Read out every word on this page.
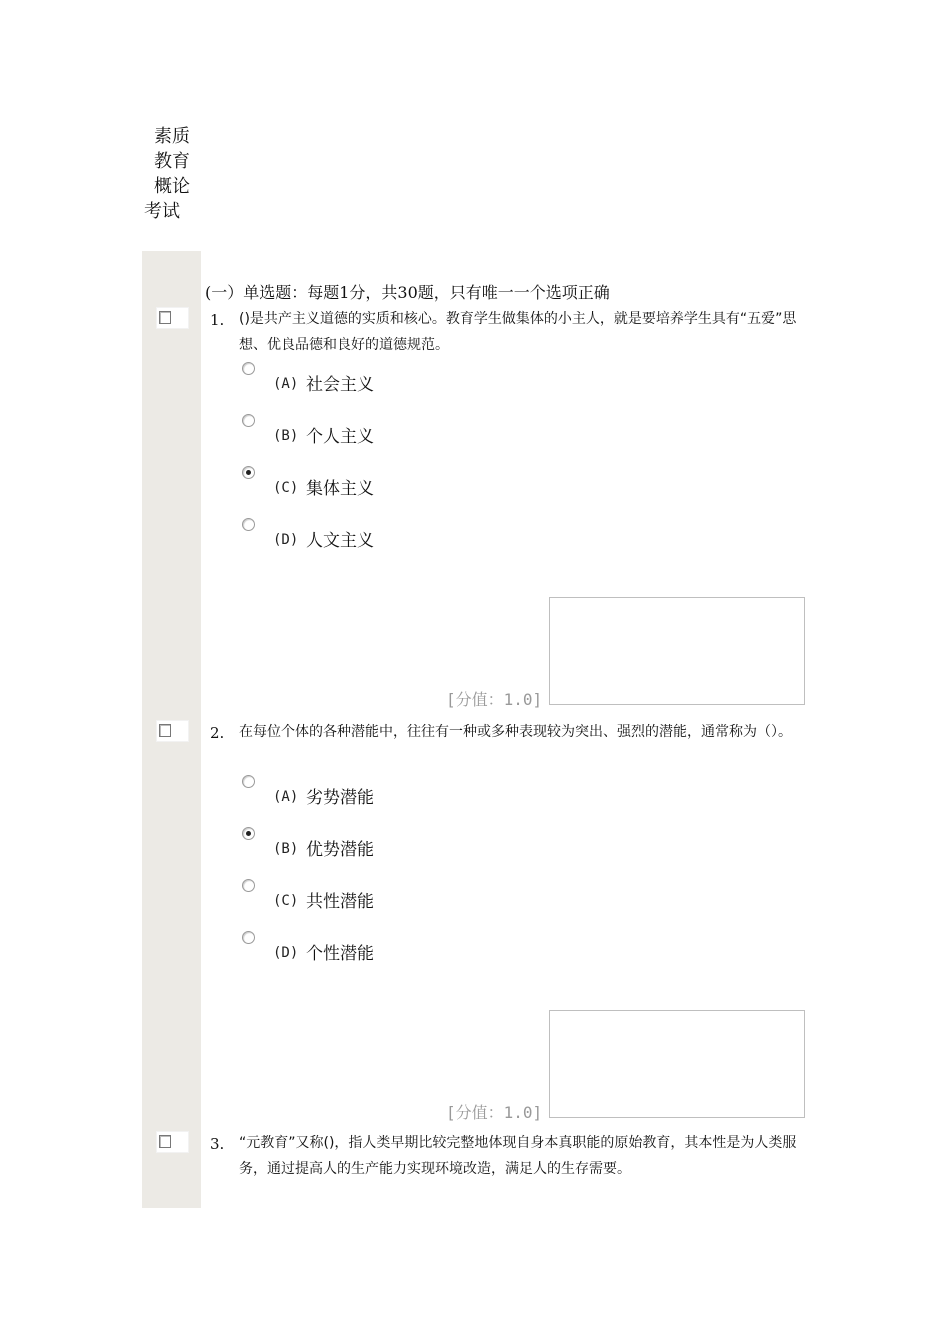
素质
教育
概论
考试
(一）单选题：每题1分，共30题，只有唯一一个选项正确
1. ()是共产主义道德的实质和核心。教育学生做集体的小主人，就是要培养学生具有“五爱”思想、优良品德和良好的道德规范。
(A) 社会主义
(B) 个人主义
(C) 集体主义
(D) 人文主义
[分值：1.0]
2. 在每位个体的各种潜能中，往往有一种或多种表现较为突出、强烈的潜能，通常称为（）。
(A) 劣势潜能
(B) 优势潜能
(C) 共性潜能
(D) 个性潜能
[分值：1.0]
3. “元教育”又称()，指人类早期比较完整地体现自身本真职能的原始教育，其本性是为人类服务，通过提高人的生产能力实现环境改造，满足人的生存需要。
